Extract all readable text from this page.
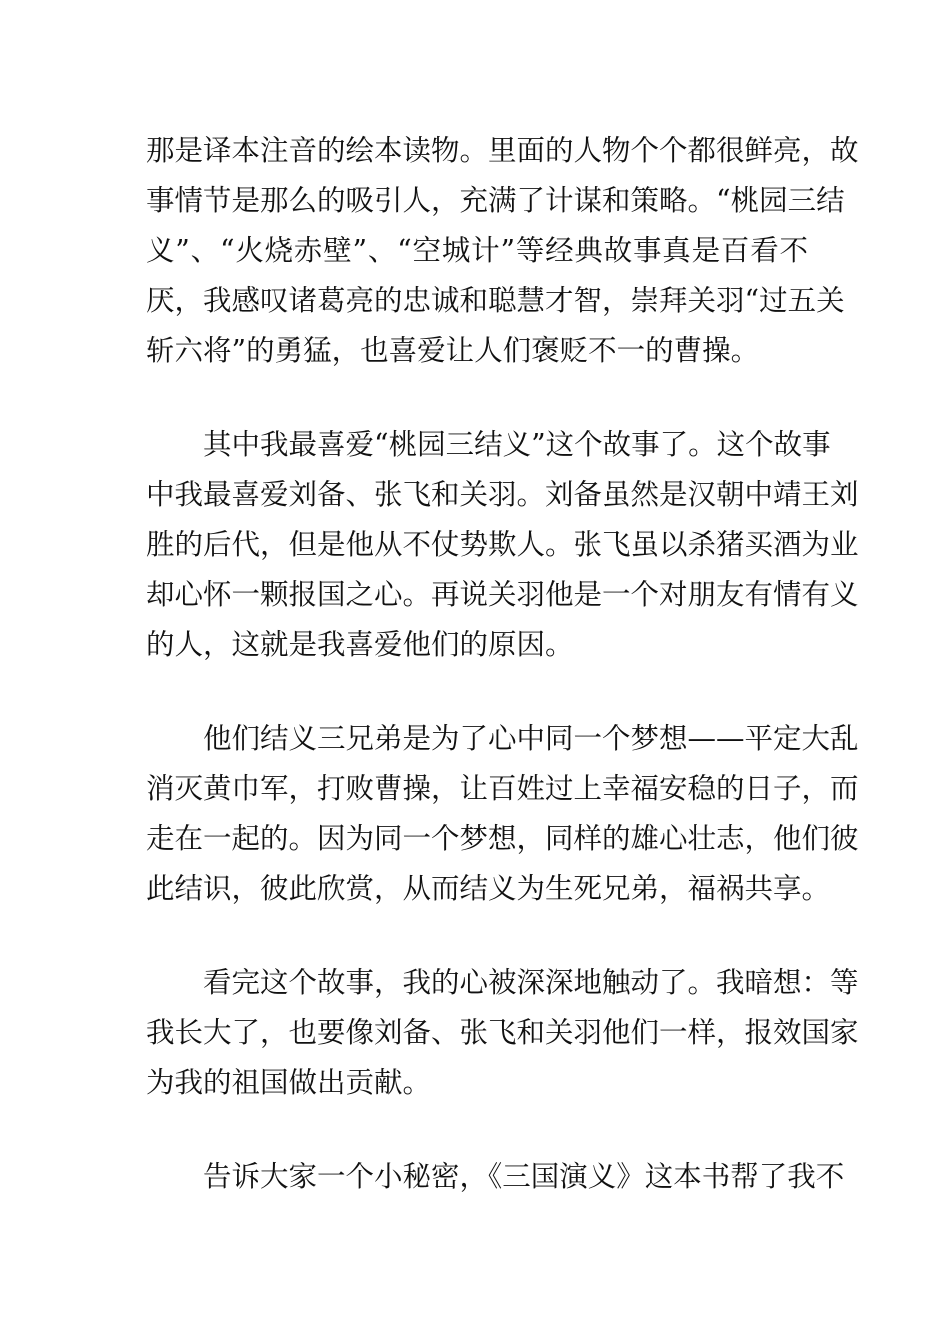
那是译本注音的绘本读物。里面的人物个个都很鲜亮，故
事情节是那么的吸引人，充满了计谋和策略。“桃园三结
义”、“火烧赤壁”、“空城计”等经典故事真是百看不
厌，我感叹诸葛亮的忠诚和聪慧才智，崇拜关羽“过五关
斩六将”的勇猛，也喜爱让人们褒贬不一的曹操。
　　其中我最喜爱“桃园三结义”这个故事了。这个故事
中我最喜爱刘备、张飞和关羽。刘备虽然是汉朝中靖王刘
胜的后代，但是他从不仗势欺人。张飞虽以杀猪买酒为业
却心怀一颗报国之心。再说关羽他是一个对朋友有情有义
的人，这就是我喜爱他们的原因。
　　他们结义三兄弟是为了心中同一个梦想——平定大乱
消灭黄巾军，打败曹操，让百姓过上幸福安稳的日子，而
走在一起的。因为同一个梦想，同样的雄心壮志，他们彼
此结识，彼此欣赏，从而结义为生死兄弟，福祸共享。
　　看完这个故事，我的心被深深地触动了。我暗想：等
我长大了，也要像刘备、张飞和关羽他们一样，报效国家
为我的祖国做出贡献。
　　告诉大家一个小秘密，《三国演义》这本书帮了我不
